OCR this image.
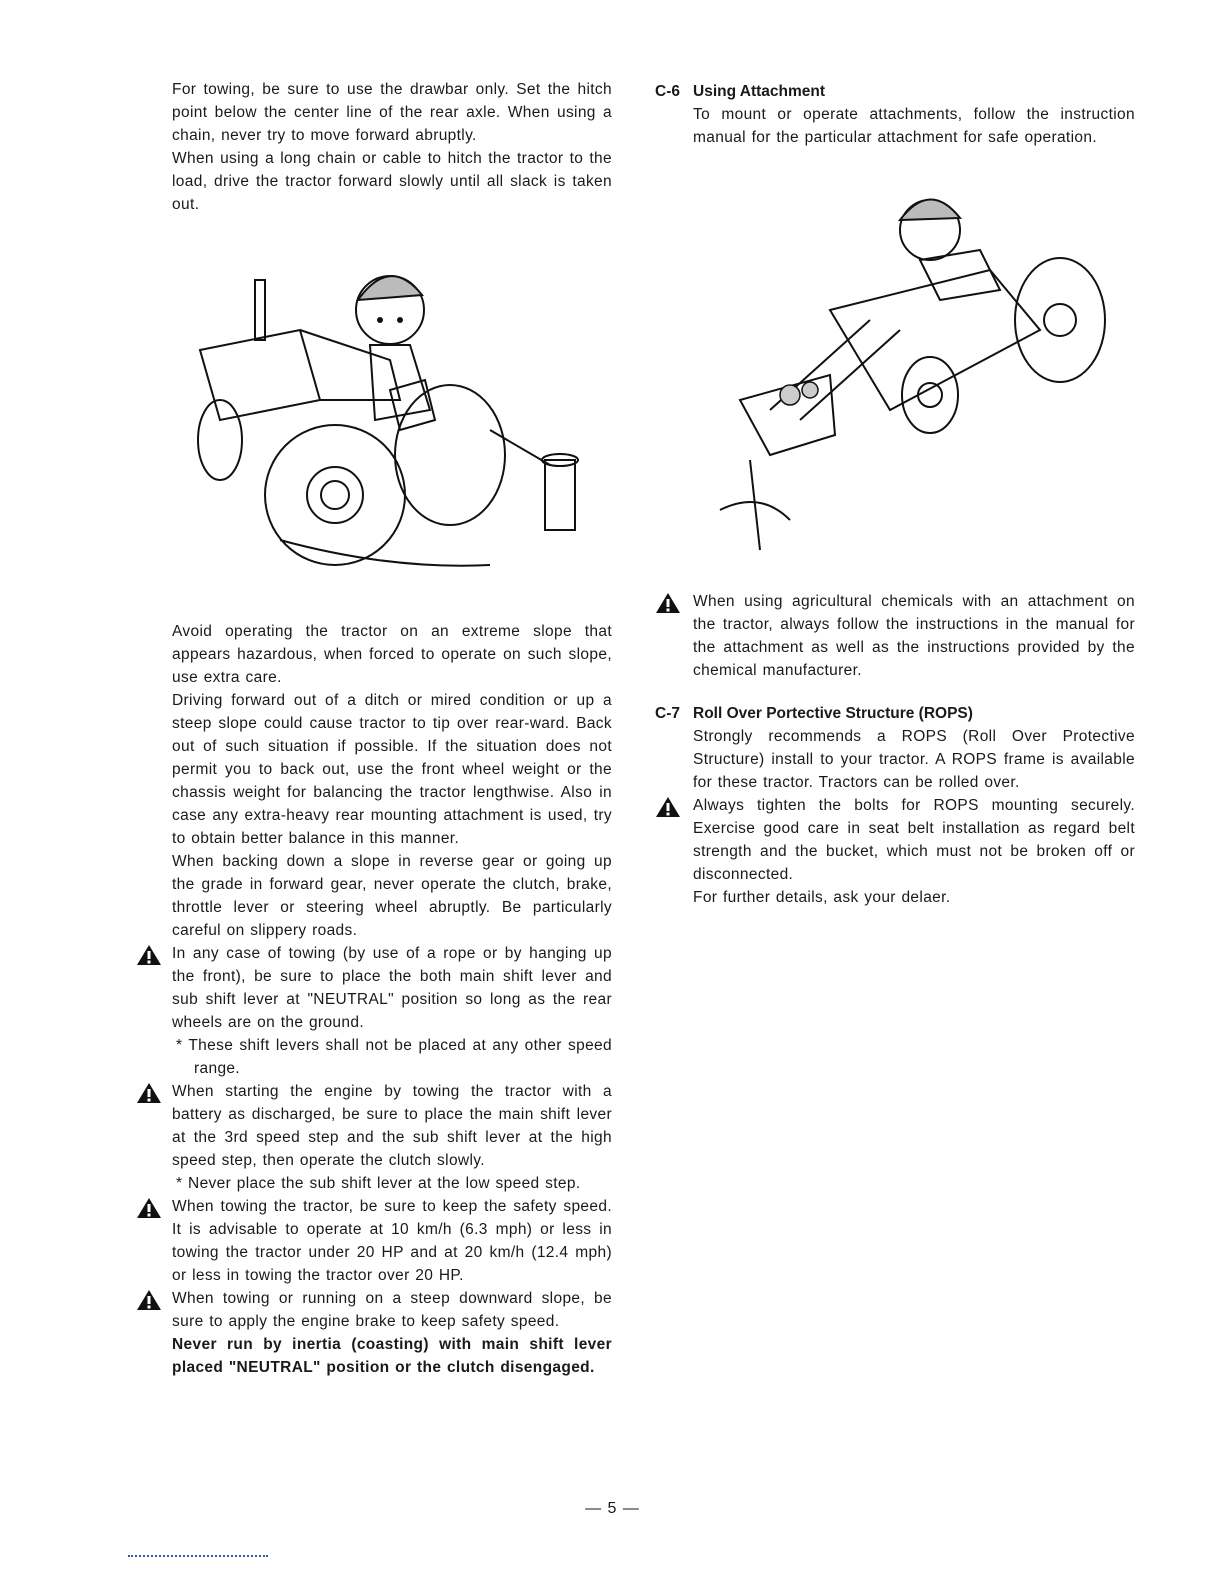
For towing, be sure to use the drawbar only. Set the hitch point below the center line of the rear axle. When using a chain, never try to move forward abruptly.

When using a long chain or cable to hitch the tractor to the load, drive the tractor forward slowly until all slack is taken out.

Avoid operating the tractor on an extreme slope that appears hazardous, when forced to operate on such slope, use extra care.

Driving forward out of a ditch or mired condition or up a steep slope could cause tractor to tip over rear-ward. Back out of such situation if possible. If the situation does not permit you to back out, use the front wheel weight or the chassis weight for balancing the tractor lengthwise. Also in case any extra-heavy rear mounting attachment is used, try to obtain better balance in this manner.

When backing down a slope in reverse gear or going up the grade in forward gear, never operate the clutch, brake, throttle lever or steering wheel abruptly. Be particularly careful on slippery roads.

In any case of towing (by use of a rope or by hanging up the front), be sure to place the both main shift lever and sub shift lever at "NEUTRAL" position so long as the rear wheels are on the ground.

* These shift levers shall not be placed at any other speed range.

When starting the engine by towing the tractor with a battery as discharged, be sure to place the main shift lever at the 3rd speed step and the sub shift lever at the high speed step, then operate the clutch slowly.

* Never place the sub shift lever at the low speed step.

When towing the tractor, be sure to keep the safety speed. It is advisable to operate at 10 km/h (6.3 mph) or less in towing the tractor under 20 HP and at 20 km/h (12.4 mph) or less in towing the tractor over 20 HP.

When towing or running on a steep downward slope, be sure to apply the engine brake to keep safety speed.

Never run by inertia (coasting) with main shift lever placed "NEUTRAL" position or the clutch disengaged.

C-6 Using Attachment

To mount or operate attachments, follow the instruction manual for the particular attachment for safe operation.

When using agricultural chemicals with an attachment on the tractor, always follow the instructions in the manual for the attachment as well as the instructions provided by the chemical manufacturer.

C-7 Roll Over Portective Structure (ROPS)

Strongly recommends a ROPS (Roll Over Protective Structure) install to your tractor. A ROPS frame is available for these tractor. Tractors can be rolled over.

Always tighten the bolts for ROPS mounting securely. Exercise good care in seat belt installation as regard belt strength and the bucket, which must not be broken off or disconnected.

For further details, ask your delaer.

— 5 —
